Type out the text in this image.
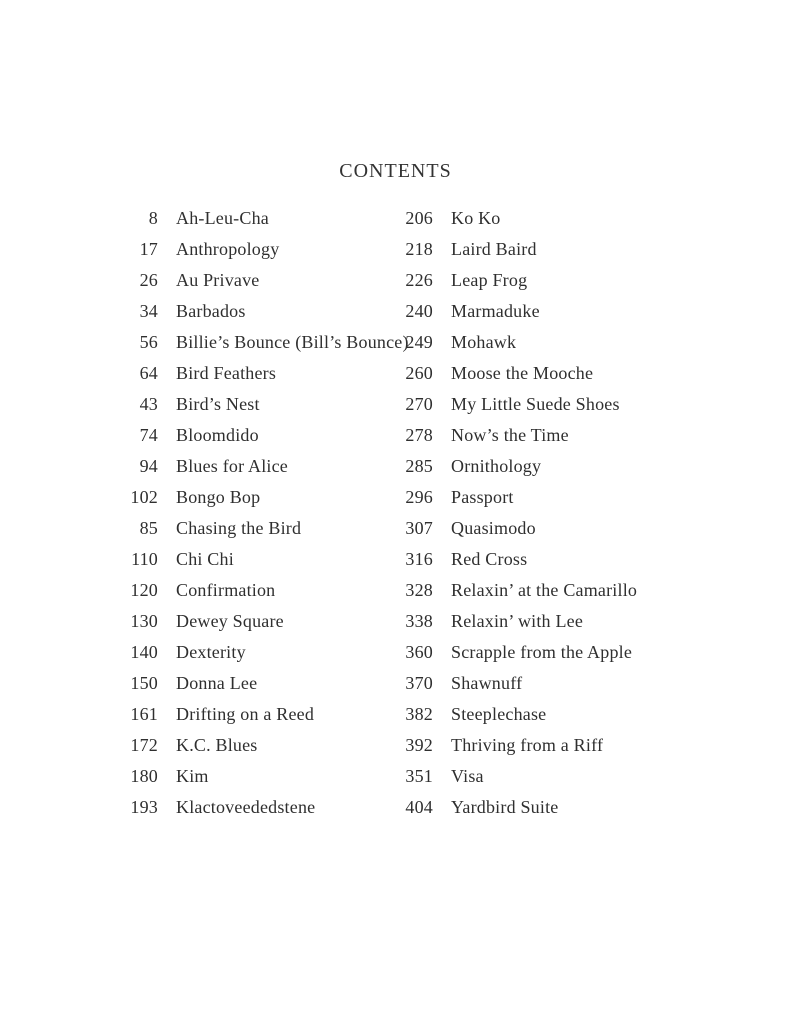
CONTENTS
8 Ah-Leu-Cha
17 Anthropology
26 Au Privave
34 Barbados
56 Billie’s Bounce (Bill’s Bounce)
64 Bird Feathers
43 Bird’s Nest
74 Bloomdido
94 Blues for Alice
102 Bongo Bop
85 Chasing the Bird
110 Chi Chi
120 Confirmation
130 Dewey Square
140 Dexterity
150 Donna Lee
161 Drifting on a Reed
172 K.C. Blues
180 Kim
193 Klactoveededstene
206 Ko Ko
218 Laird Baird
226 Leap Frog
240 Marmaduke
249 Mohawk
260 Moose the Mooche
270 My Little Suede Shoes
278 Now’s the Time
285 Ornithology
296 Passport
307 Quasimodo
316 Red Cross
328 Relaxin’ at the Camarillo
338 Relaxin’ with Lee
360 Scrapple from the Apple
370 Shawnuff
382 Steeplechase
392 Thriving from a Riff
351 Visa
404 Yardbird Suite
